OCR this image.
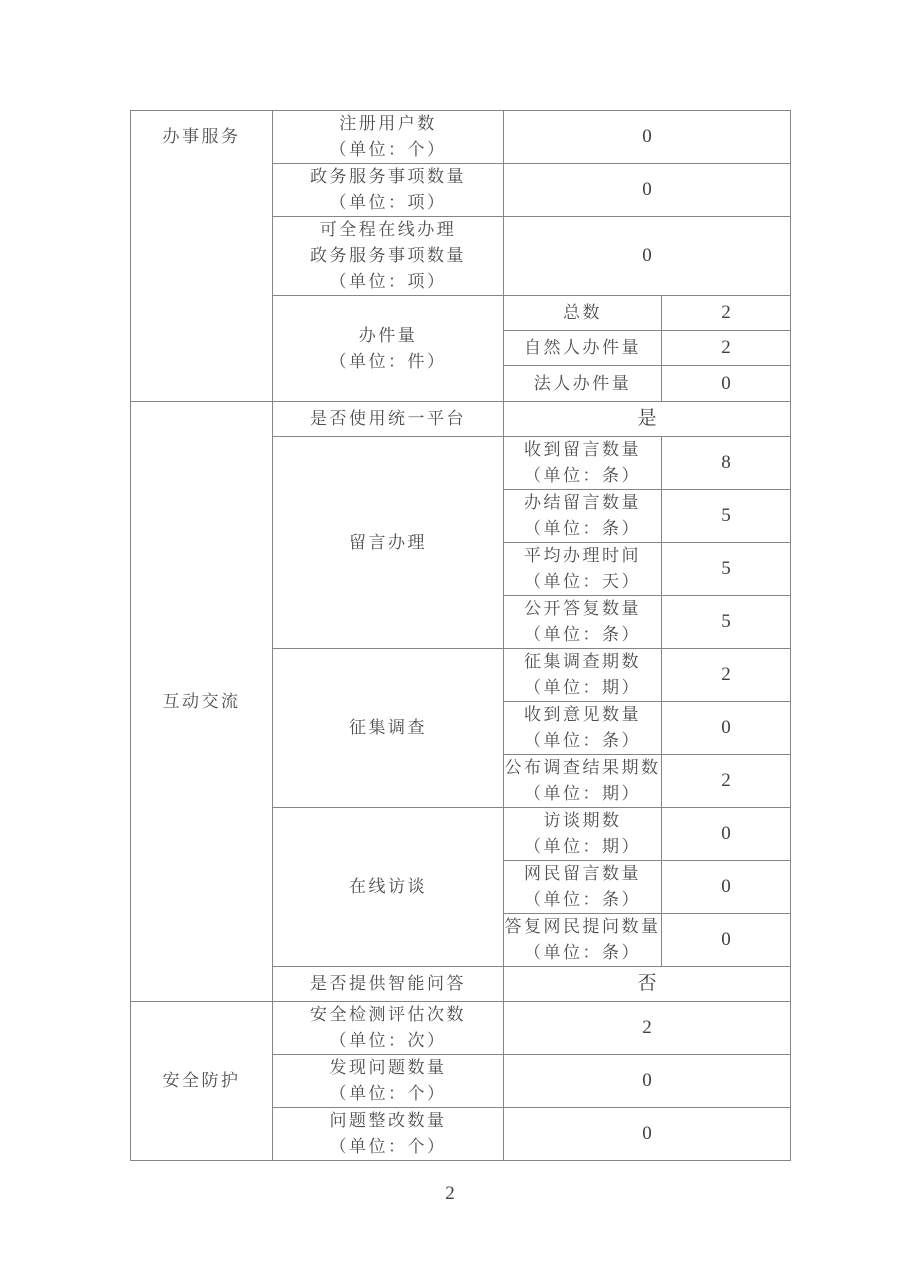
办事服务	注册用户数
（单位：个）	0	

	政务服务事项数量
（单位：项）	0	

	可全程在线办理
政务服务事项数量
（单位：项）	0	

	办件量
（单位：件）	总数	2
		自然人办件量	2
		法人办件量	0

互动交流	是否使用统一平台	是	
	留言办理	收到留言数量
（单位：条）	8

		办结留言数量
（单位：条）	5

		平均办理时间
（单位：天）	5

		公开答复数量
（单位：条）	5
	征集调查	征集调查期数
（单位：期）	2

		收到意见数量
（单位：条）	0

		公布调查结果期数
（单位：期）	2
	在线访谈	访谈期数
（单位：期）	0

		网民留言数量
（单位：条）	0

		答复网民提问数量
（单位：条）	0
	是否提供智能问答	否	

安全防护	安全检测评估次数
（单位：次）	2	

	发现问题数量
（单位：个）	0	

	问题整改数量
（单位：个）	0	
2
